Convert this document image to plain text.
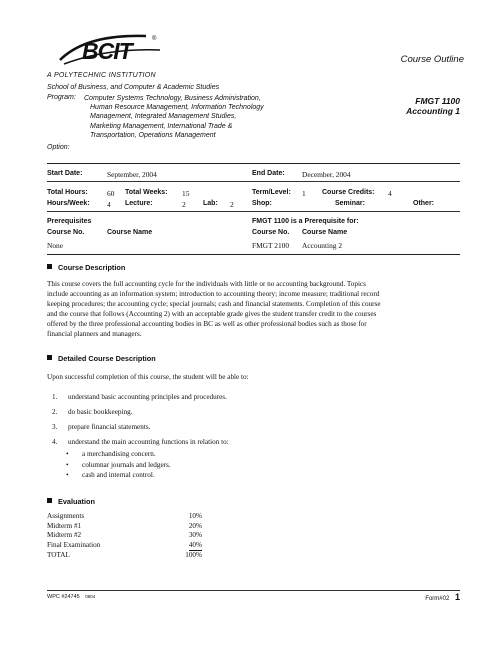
BCIT	®
A POLYTECHNIC INSTITUTION
Course Outline
School of Business, and Computer & Academic Studies
Program: Computer Systems Technology, Business Administration,
Human Resource Management, Information Technology
Management, Integrated Management Studies,
Marketing Management, International Trade &
Transportation, Operations Management
Option:
FMGT 1100
Accounting 1
Start Date:	September, 2004	End Date: December, 2004
Total Hours:	60 Total Weeks: 15	Term/Level: 1 Course Credits: 4
Hours/Week: 4 Lecture:	2 Lab: 2	Shop:	Seminar:	Other:
Prerequisites
Course No.	Course Name
None
FMGT 1100 is a Prerequisite for:
Course No. Course Name
FMGT 2100 Accounting 2
Course Description
This course covers the full accounting cycle for the individuals with little or no accounting background. Topics
include accounting as an information system; introduction to accounting theory; income measure; traditional record
keeping procedures; the accounting cycle; special journals; cash and financial statements. Completion of this course
and the course that follows (Accounting 2) with an acceptable grade gives the student transfer credit to the courses
offered by the three professional accounting bodies in BC as well as other professional bodies such as those for
financial planners and managers.
Detailed Course Description
Upon successful completion of this course, the student will be able to:
1. understand basic accounting principles and procedures.
2. do basic bookkeeping.
3. prepare financial statements.
4. understand the main accounting functions in relation to:
• a merchandising concern.
• columnar journals and ledgers.
• cash and internal control.
Evaluation
Assignments	10%
Midterm #1	20%
Midterm #2	30%
Final Examination	40%
TOTAL	100%
WPC #24745 0804	Form#02 1
